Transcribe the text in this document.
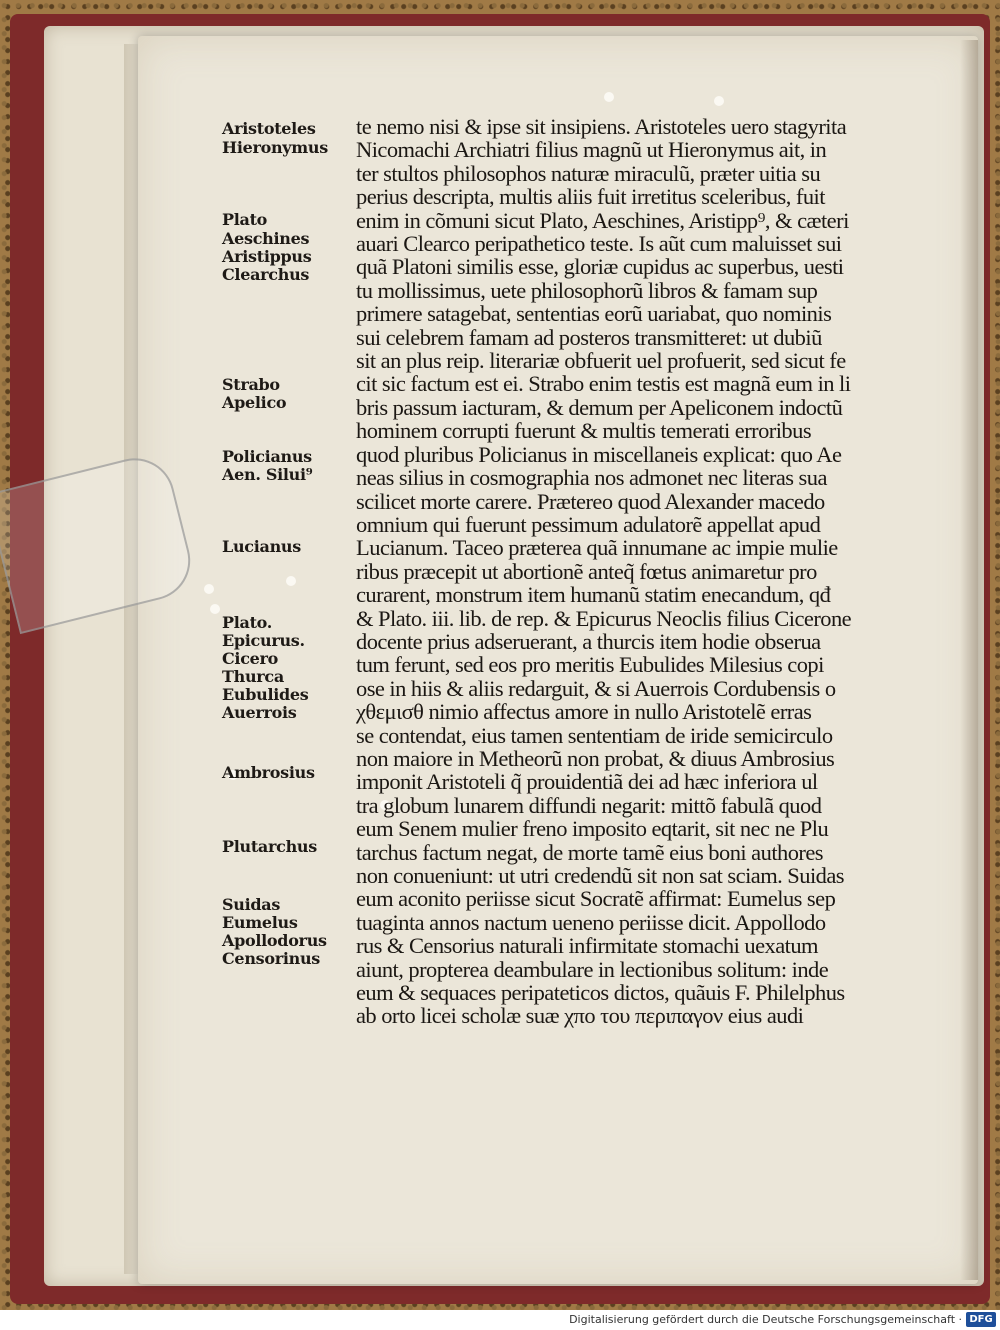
Aristoteles
Hieronymus
Plato
Aeschines
Aristippus
Clearchus
Strabo
Apelico
Policianus
Aen. Silui⁹
Lucianus
Plato.
Epicurus.
Cicero
Thurca
Eubulides
Auerrois
Ambrosius
Plutarchus
Suidas
Eumelus
Apollodorus
Censorinus
te nemo nisi & ipse sit insipiens. Aristoteles uero stagyrita
Nicomachi Archiatri filius magnũ ut Hieronymus ait, in
ter stultos philosophos naturæ miraculũ, præter uitia su
perius descripta, multis aliis fuit irretitus sceleribus, fuit
enim in cõmuni sicut Plato, Aeschines, Aristipp⁹, & cæteri
auari Clearco peripathetico teste. Is aũt cum maluisset sui
quã Platoni similis esse, gloriæ cupidus ac superbus, uesti
tu mollissimus, uete philosophorũ libros & famam sup
primere satagebat, sententias eorũ uariabat, quo nominis
sui celebrem famam ad posteros transmitteret: ut dubiũ
sit an plus reip. literariæ obfuerit uel profuerit, sed sicut fe
cit sic factum est ei. Strabo enim testis est magnã eum in li
bris passum iacturam, & demum per Apeliconem indoctũ
hominem corrupti fuerunt & multis temerati erroribus
quod pluribus Policianus in miscellaneis explicat: quo Ae
neas silius in cosmographia nos admonet nec literas sua
scilicet morte carere. Prætereo quod Alexander macedo
omnium qui fuerunt pessimum adulatorẽ appellat apud
Lucianum. Taceo præterea quã innumane ac impie mulie
ribus præcepit ut abortionẽ anteq̃ fœtus animaretur pro
curarent, monstrum item humanũ statim enecandum, qđ
& Plato. iii. lib. de rep. & Epicurus Neoclis filius Cicerone
docente prius adseruerant, a thurcis item hodie obserua
tum ferunt, sed eos pro meritis Eubulides Milesius copi
ose in hiis & aliis redarguit, & si Auerrois Cordubensis o
χθεμισθ nimio affectus amore in nullo Aristotelẽ erras
se contendat, eius tamen sententiam de iride semicirculo
non maiore in Metheorũ non probat, & diuus Ambrosius
imponit Aristoteli q̃ prouidentiã dei ad hæc inferiora ul
tra globum lunarem diffundi negarit: mittõ fabulã quod
eum Senem mulier freno imposito eqtarit, sit nec ne Plu
tarchus factum negat, de morte tamẽ eius boni authores
non conueniunt: ut utri credendũ sit non sat sciam. Suidas
eum aconito periisse sicut Socratẽ affirmat: Eumelus sep
tuaginta annos nactum ueneno periisse dicit. Appollodo
rus & Censorius naturali infirmitate stomachi uexatum
aiunt, propterea deambulare in lectionibus solitum: inde
eum & sequaces peripateticos dictos, quãuis F. Philelphus
ab orto licei scholæ suæ χπο του περιπαγον eius audi
Digitalisierung gefördert durch die Deutsche Forschungsgemeinschaft · DFG
